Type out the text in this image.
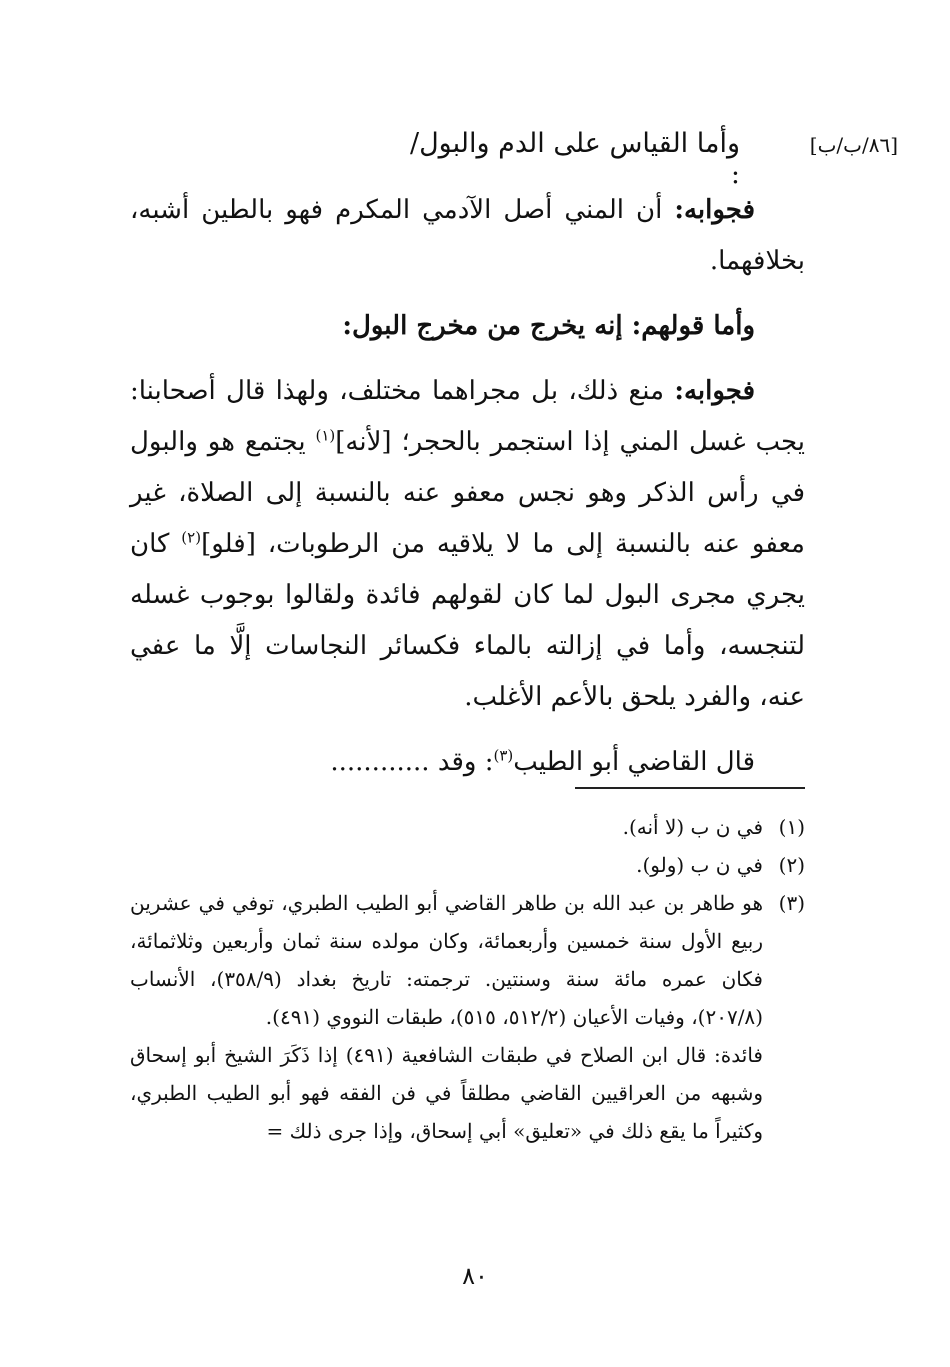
[٨٦/ب/ب]
وأما القياس على الدم والبول/ :

فجوابه: أن المني أصل الآدمي المكرم فهو بالطين أشبه، بخلافهما.

وأما قولهم: إنه يخرج من مخرج البول:

فجوابه: منع ذلك، بل مجراهما مختلف، ولهذا قال أصحابنا: يجب غسل المني إذا استجمر بالحجر؛ [لأنه]$^{(١)}$ يجتمع هو والبول في رأس الذكر وهو نجس معفو عنه بالنسبة إلى الصلاة، غير معفو عنه بالنسبة إلى ما لا يلاقيه من الرطوبات، [فلو]$^{(٢)}$ كان يجري مجرى البول لما كان لقولهم فائدة ولقالوا بوجوب غسله لتنجسه، وأما في إزالته بالماء فكسائر النجاسات إلَّا ما عفي عنه، والفرد يلحق بالأعم الأغلب.

قال القاضي أبو الطيب$^{(٣)}$: وقد ............

(١)
في ن ب (لا أنه).
(٢)
في ن ب (ولو).
(٣)
هو طاهر بن عبد الله بن طاهر القاضي أبو الطيب الطبري، توفي في عشرين ربيع الأول سنة خمسين وأربعمائة، وكان مولده سنة ثمان وأربعين وثلاثمائة، فكان عمره مائة سنة وسنتين. ترجمته: تاريخ بغداد (٣٥٨/٩)، الأنساب (٢٠٧/٨)، وفيات الأعيان (٥١٢/٢، ٥١٥)، طبقات النووي (٤٩١).
فائدة: قال ابن الصلاح في طبقات الشافعية (٤٩١) إذا ذَكَرَ الشيخ أبو إسحاق وشبهه من العراقيين القاضي مطلقاً في فن الفقه فهو أبو الطيب الطبري، وكثيراً ما يقع ذلك في «تعليق» أبي إسحاق، وإذا جرى ذلك =
٨٠
